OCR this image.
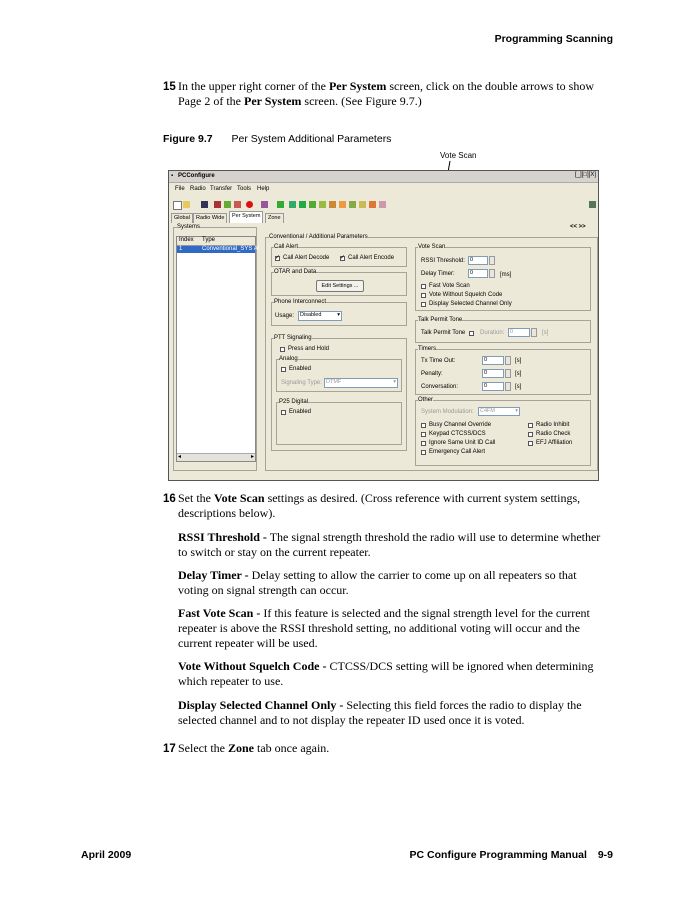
Programming Scanning
15 In the upper right corner of the Per System screen, click on the double arrows to show
Page 2 of the Per System screen. (See Figure 9.7.)
Figure 9.7 Per System Additional Parameters
Vote Scan
▪ PCConfigure	[_][□][X]
File Radio Transfer Tools Help
Global	Radio Wide	Per System	Zone
<< >>
Systems
Index Type
1	Conventional_SYS Al
◂	▸
Conventional / Additional Parameters
Call Alert
✓
Call Alert Decode
✓	Call Alert Encode
OTAR and Data
Edit Settings ...
Phone Interconnect
Usage:	Disabled	▾
PTT Signaling
Press and Hold
Analog
Enabled
Signaling Type: DTMF	▾
P25 Digital
Enabled
Vote Scan
RSSI Threshold: 0
Delay Timer:	0	[ms]
Fast Vote Scan
Vote Without Squelch Code
Display Selected Channel Only
Talk Permit Tone
Talk Permit Tone Duration:	0	[s]
Timers
Tx Time Out:	0	[s]
Penalty:	0	[s]
Conversation:	0	[s]
Other
System Modulation:	C4FM	▾
Busy Channel Override
Keypad CTCSS/DCS
Ignore Same Unit ID Call
Emergency Call Alert
Radio Inhibit
Radio Check
EFJ Affiliation
16 Set the Vote Scan settings as desired. (Cross reference with current system settings,
descriptions below).
RSSI Threshold - The signal strength threshold the radio will use to determine whether
to switch or stay on the current repeater.
Delay Timer - Delay setting to allow the carrier to come up on all repeaters so that
voting on signal strength can occur.
Fast Vote Scan - If this feature is selected and the signal strength level for the current
repeater is above the RSSI threshold setting, no additional voting will occur and the
current repeater will be used.
Vote Without Squelch Code - CTCSS/DCS setting will be ignored when determining
which repeater to use.
Display Selected Channel Only - Selecting this field forces the radio to display the
selected channel and to not display the repeater ID used once it is voted.
17 Select the Zone tab once again.
April 2009	PC Configure Programming Manual 9-9
